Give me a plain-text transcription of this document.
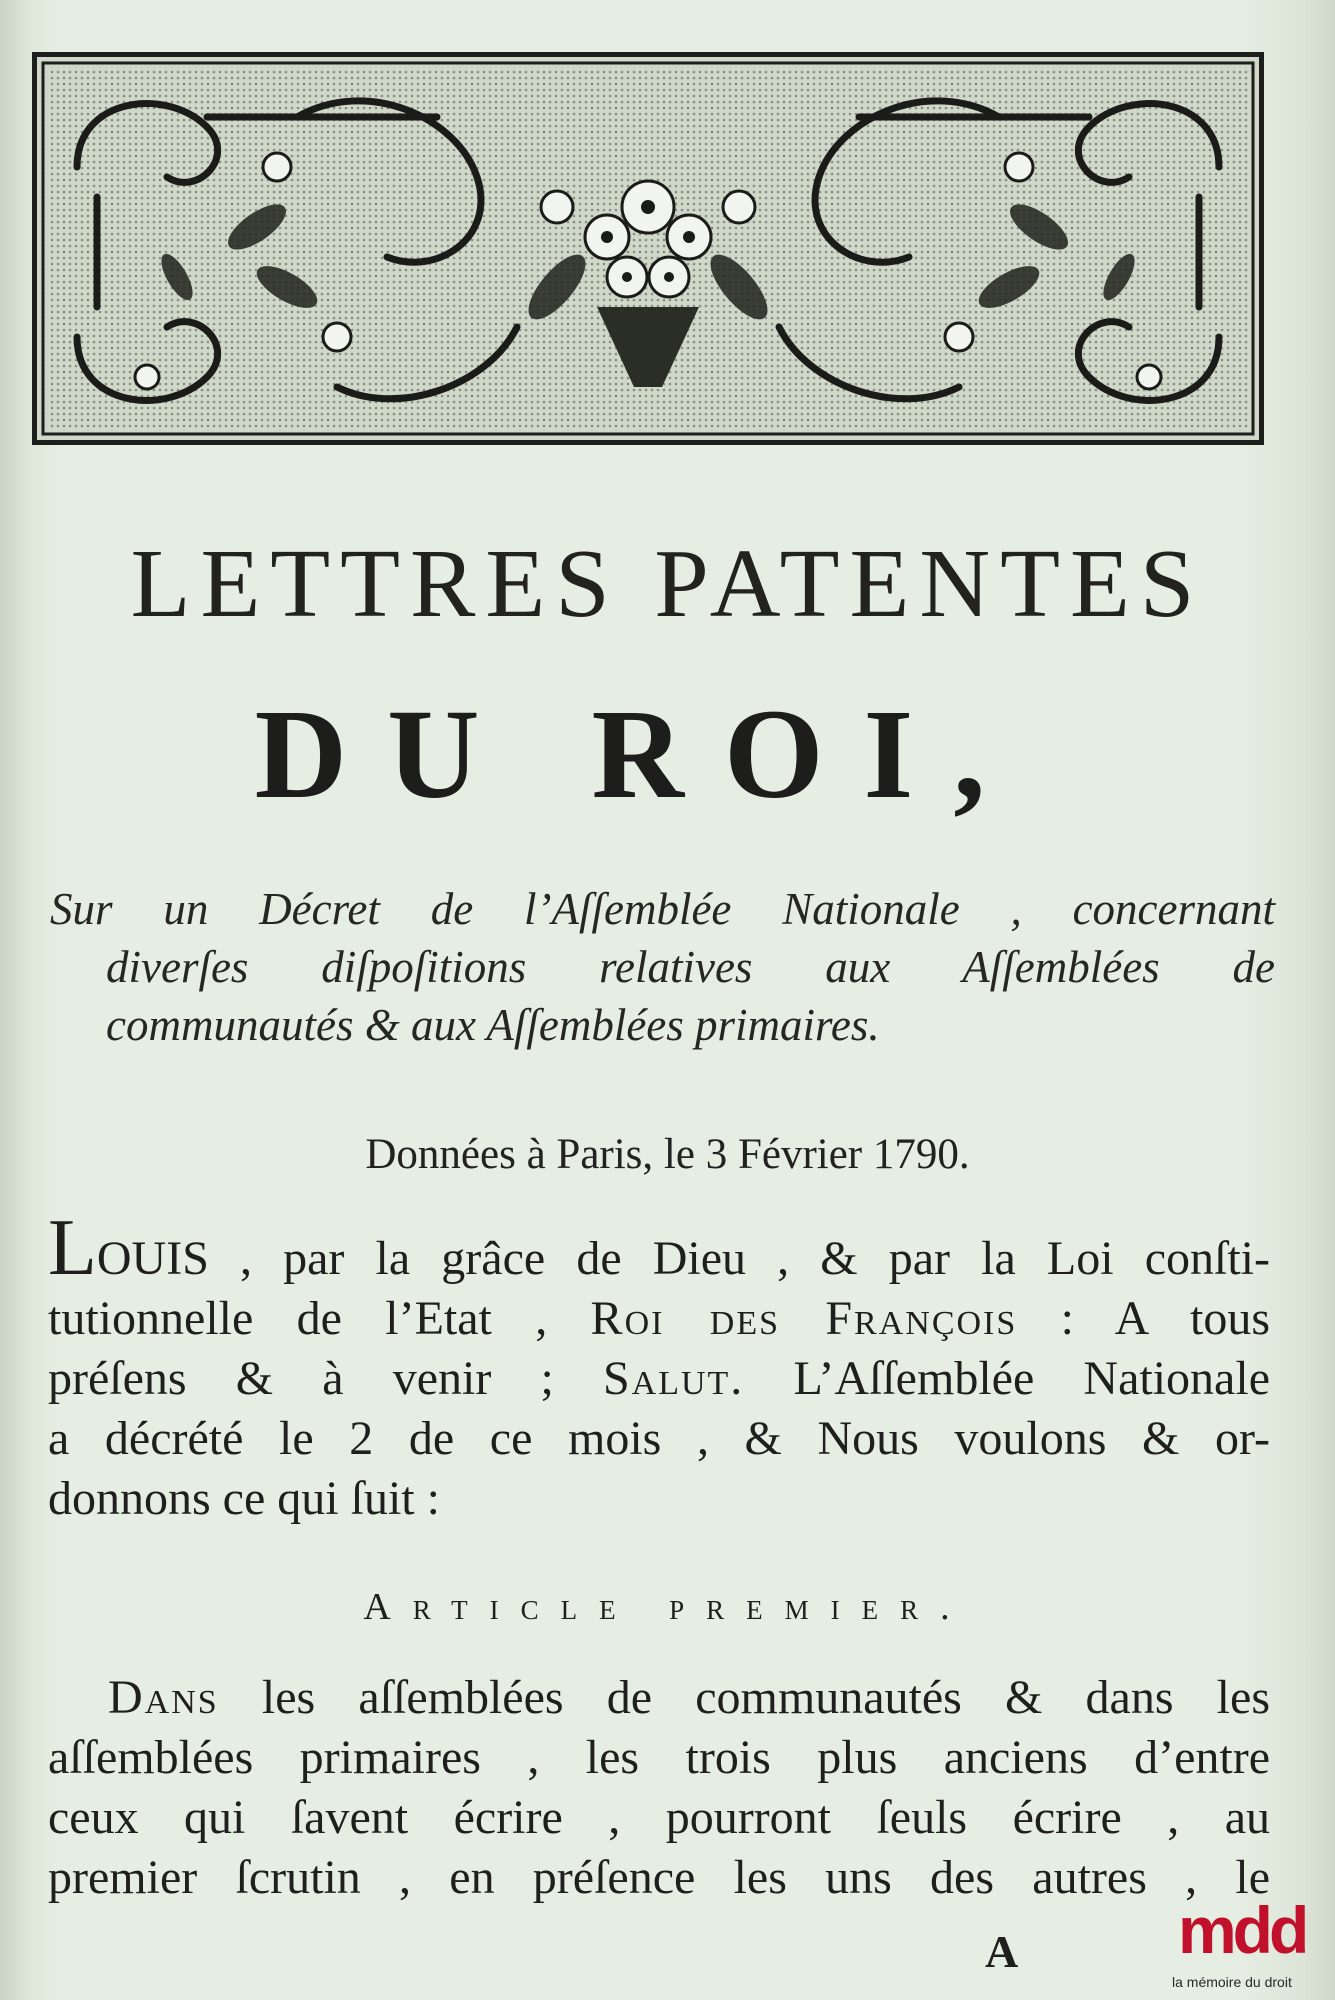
LETTRES PATENTES
DU ROI,
Sur un Décret de l’Aſſemblée Nationale , concernant
diverſes diſpoſitions relatives aux Aſſemblées de
communautés & aux Aſſemblées primaires.
Données à Paris, le 3 Février 1790.
LOUIS , par la grâce de Dieu , & par la Loi conſti-
tutionnelle de l’Etat , Roi des François : A tous
préſens & à venir ; Salut. L’Aſſemblée Nationale
a décrété le 2 de ce mois , & Nous voulons & or-
donnons ce qui ſuit :
Article premier.
Dans les aſſemblées de communautés & dans les
aſſemblées primaires , les trois plus anciens d’entre
ceux qui ſavent écrire , pourront ſeuls écrire , au
premier ſcrutin , en préſence les uns des autres , le
A mdd
la mémoire du droit
